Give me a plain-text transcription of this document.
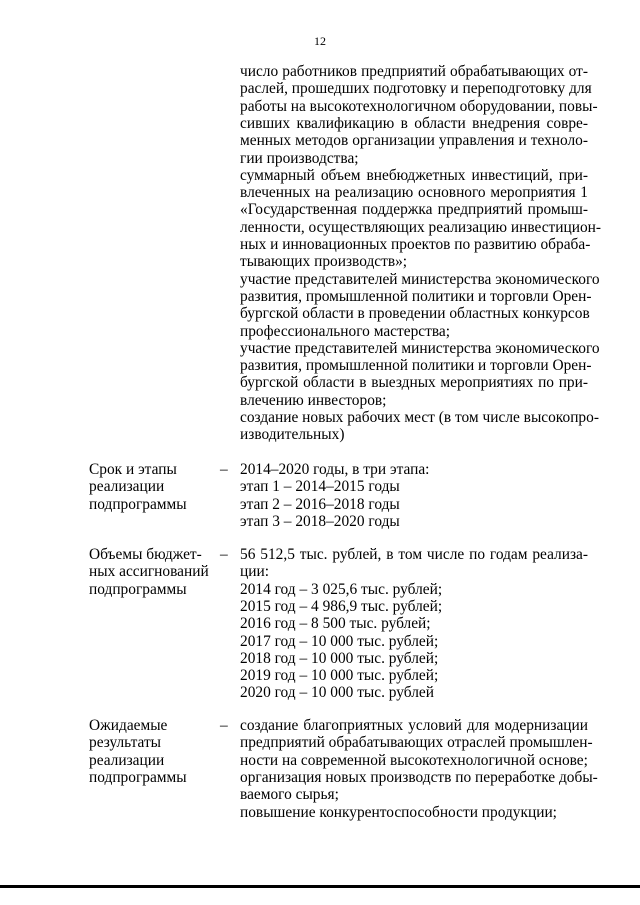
12
число работников предприятий обрабатывающих от-
раслей, прошедших подготовку и переподготовку для
работы на высокотехнологичном оборудовании, повы-
сивших квалификацию в области внедрения совре-
менных методов организации управления и техноло-
гии производства;
суммарный объем внебюджетных инвестиций, при-
влеченных на реализацию основного мероприятия 1
«Государственная поддержка предприятий промыш-
ленности, осуществляющих реализацию инвестицион-
ных и инновационных проектов по развитию обраба-
тывающих производств»;
участие представителей министерства экономического
развития, промышленной политики и торговли Орен-
бургской области в проведении областных конкурсов
профессионального мастерства;
участие представителей министерства экономического
развития, промышленной политики и торговли Орен-
бургской области в выездных мероприятиях по при-
влечению инвесторов;
создание новых рабочих мест (в том числе высокопро-
изводительных)
Срок и этапы
реализации
подпрограммы
– 2014–2020 годы, в три этапа:
этап 1 – 2014–2015 годы
этап 2 – 2016–2018 годы
этап 3 – 2018–2020 годы
Объемы бюджет-
ных ассигнований
подпрограммы
– 56 512,5 тыс. рублей, в том числе по годам реализа-
ции:
2014 год – 3 025,6 тыс. рублей;
2015 год – 4 986,9 тыс. рублей;
2016 год – 8 500 тыс. рублей;
2017 год – 10 000 тыс. рублей;
2018 год – 10 000 тыс. рублей;
2019 год – 10 000 тыс. рублей;
2020 год – 10 000 тыс. рублей
Ожидаемые
результаты
реализации
подпрограммы
– создание благоприятных условий для модернизации
предприятий обрабатывающих отраслей промышлен-
ности на современной высокотехнологичной основе;
организация новых производств по переработке добы-
ваемого сырья;
повышение конкурентоспособности продукции;
